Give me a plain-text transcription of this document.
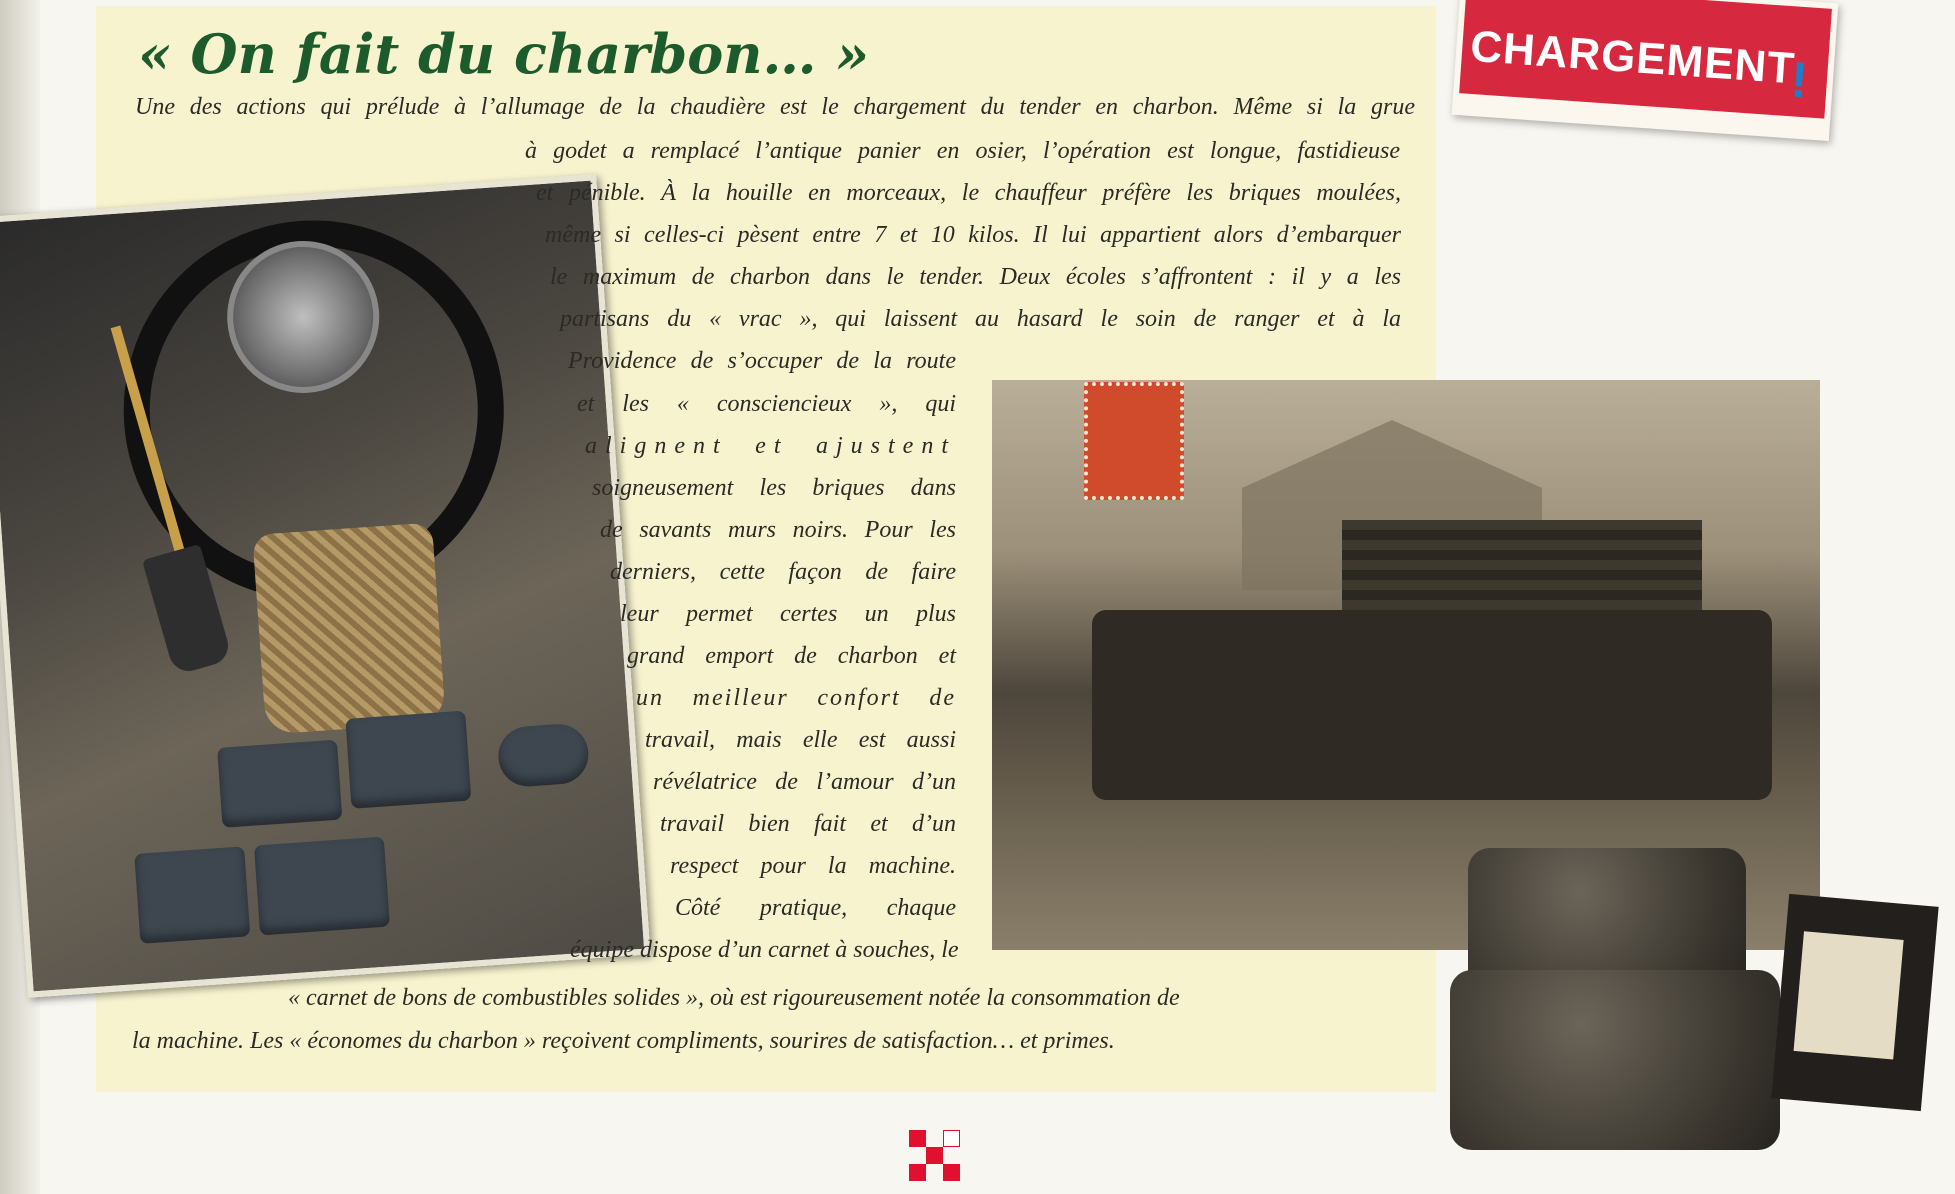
CHARGEMENT
!
« On fait du charbon… »
Une des actions qui prélude à l’allumage de la chaudière est le chargement du tender en charbon. Même si la grue
à godet a remplacé l’antique panier en osier, l’opération est longue, fastidieuse
et pénible. À la houille en morceaux, le chauffeur préfère les briques moulées,
même si celles-ci pèsent entre 7 et 10 kilos. Il lui appartient alors d’embarquer
le maximum de charbon dans le tender. Deux écoles s’affrontent : il y a les
partisans du « vrac », qui laissent au hasard le soin de ranger et à la
Providence de s’occuper de la route
et les « consciencieux », qui
alignent et ajustent
soigneusement les briques dans
de savants murs noirs. Pour les
derniers, cette façon de faire
leur permet certes un plus
grand emport de charbon et
un meilleur confort de
travail, mais elle est aussi
révélatrice de l’amour d’un
travail bien fait et d’un
respect pour la machine.
Côté pratique, chaque
équipe dispose d’un carnet à souches, le
« carnet de bons de combustibles solides », où est rigoureusement notée la consommation de
la machine. Les « économes du charbon » reçoivent compliments, sourires de satisfaction… et primes.
